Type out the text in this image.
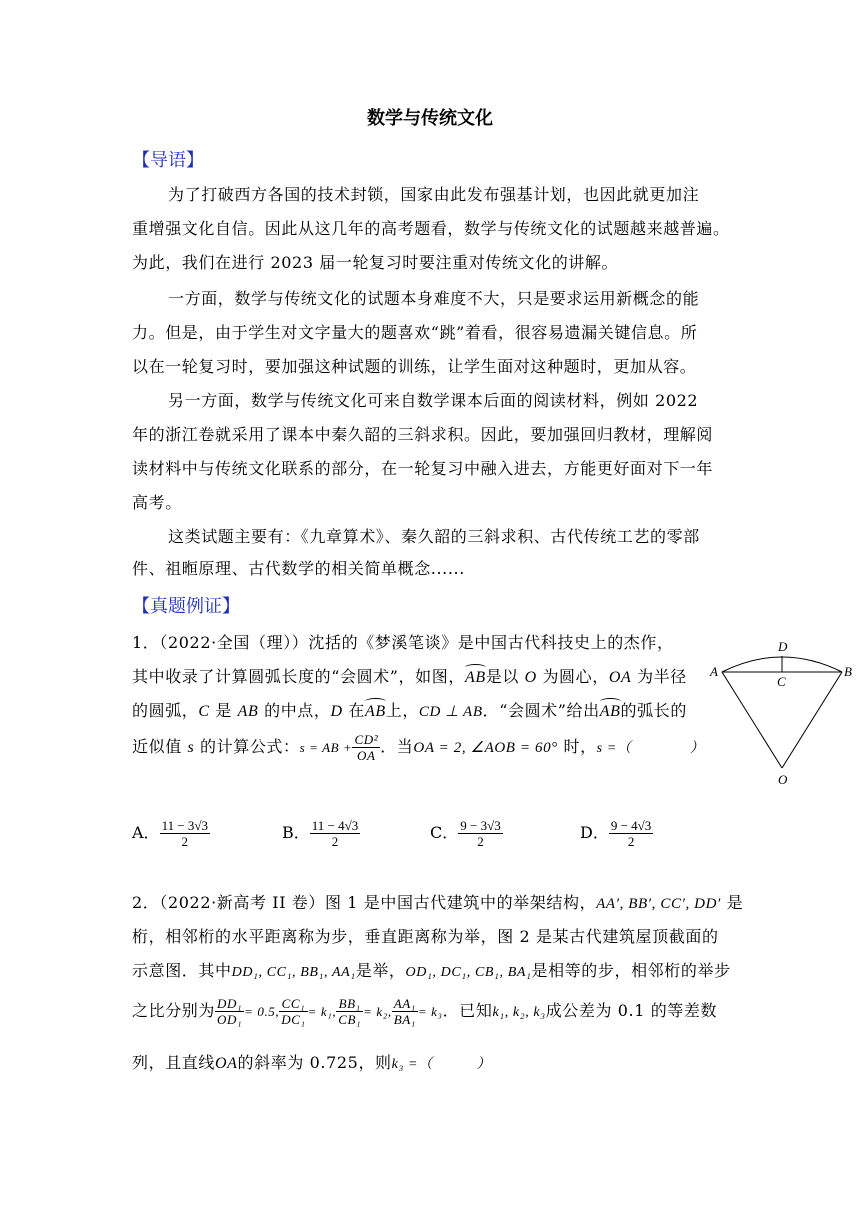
数学与传统文化
【导语】
为了打破西方各国的技术封锁，国家由此发布强基计划，也因此就更加注
重增强文化自信。因此从这几年的高考题看，数学与传统文化的试题越来越普遍。
为此，我们在进行 2023 届一轮复习时要注重对传统文化的讲解。
一方面，数学与传统文化的试题本身难度不大，只是要求运用新概念的能
力。但是，由于学生对文字量大的题喜欢“跳”着看，很容易遗漏关键信息。所
以在一轮复习时，要加强这种试题的训练，让学生面对这种题时，更加从容。
另一方面，数学与传统文化可来自数学课本后面的阅读材料，例如 2022
年的浙江卷就采用了课本中秦久韶的三斜求积。因此，要加强回归教材，理解阅
读材料中与传统文化联系的部分，在一轮复习中融入进去，方能更好面对下一年
高考。
这类试题主要有：《九章算术》、秦久韶的三斜求积、古代传统工艺的零部
件、祖暅原理、古代数学的相关简单概念......
【真题例证】
1．（2022·全国（理））沈括的《梦溪笔谈》是中国古代科技史上的杰作，
其中收录了计算圆弧长度的“会圆术”，如图，AB是以 O 为圆心，OA 为半径
的圆弧，C 是 AB 的中点，D 在AB上，CD ⊥ AB．“会圆术”给出AB的弧长的
近似值 s 的计算公式：s = AB + $\frac{\text{CD²}}{OA}$ ．当OA = 2, ∠AOB = 60° 时，s =（　　　　）
D
C
A	B
O
A． $\frac{11 - 3√3}{2}$	B． $\frac{11 - 4√3}{2}$	C． $\frac{9 - 3√3}{2}$	D． $\frac{9 - 4√3}{2}$
2．（2022·新高考 II 卷）图 1 是中国古代建筑中的举架结构，AA′, BB′, CC′, DD′ 是
桁，相邻桁的水平距离称为步，垂直距离称为举，图 2 是某古代建筑屋顶截面的
示意图．其中DD₁, CC₁, BB₁, AA₁是举，OD₁, DC₁, CB₁, BA₁是相等的步，相邻桁的举步
之比分别为 $\frac{\text{DD₁}}{\text{OD₁}} = 0.5$, $\frac{\text{CC₁}}{\text{DC₁}} = k_1$, $\frac{\text{BB₁}}{\text{CB₁}} = k_2$, $\frac{\text{AA₁}}{\text{BA₁}} = k_3$．已知k₁, k₂, k₃成公差为 0.1 的等差数
列，且直线OA的斜率为 0.725，则k₃ =（　　　）
